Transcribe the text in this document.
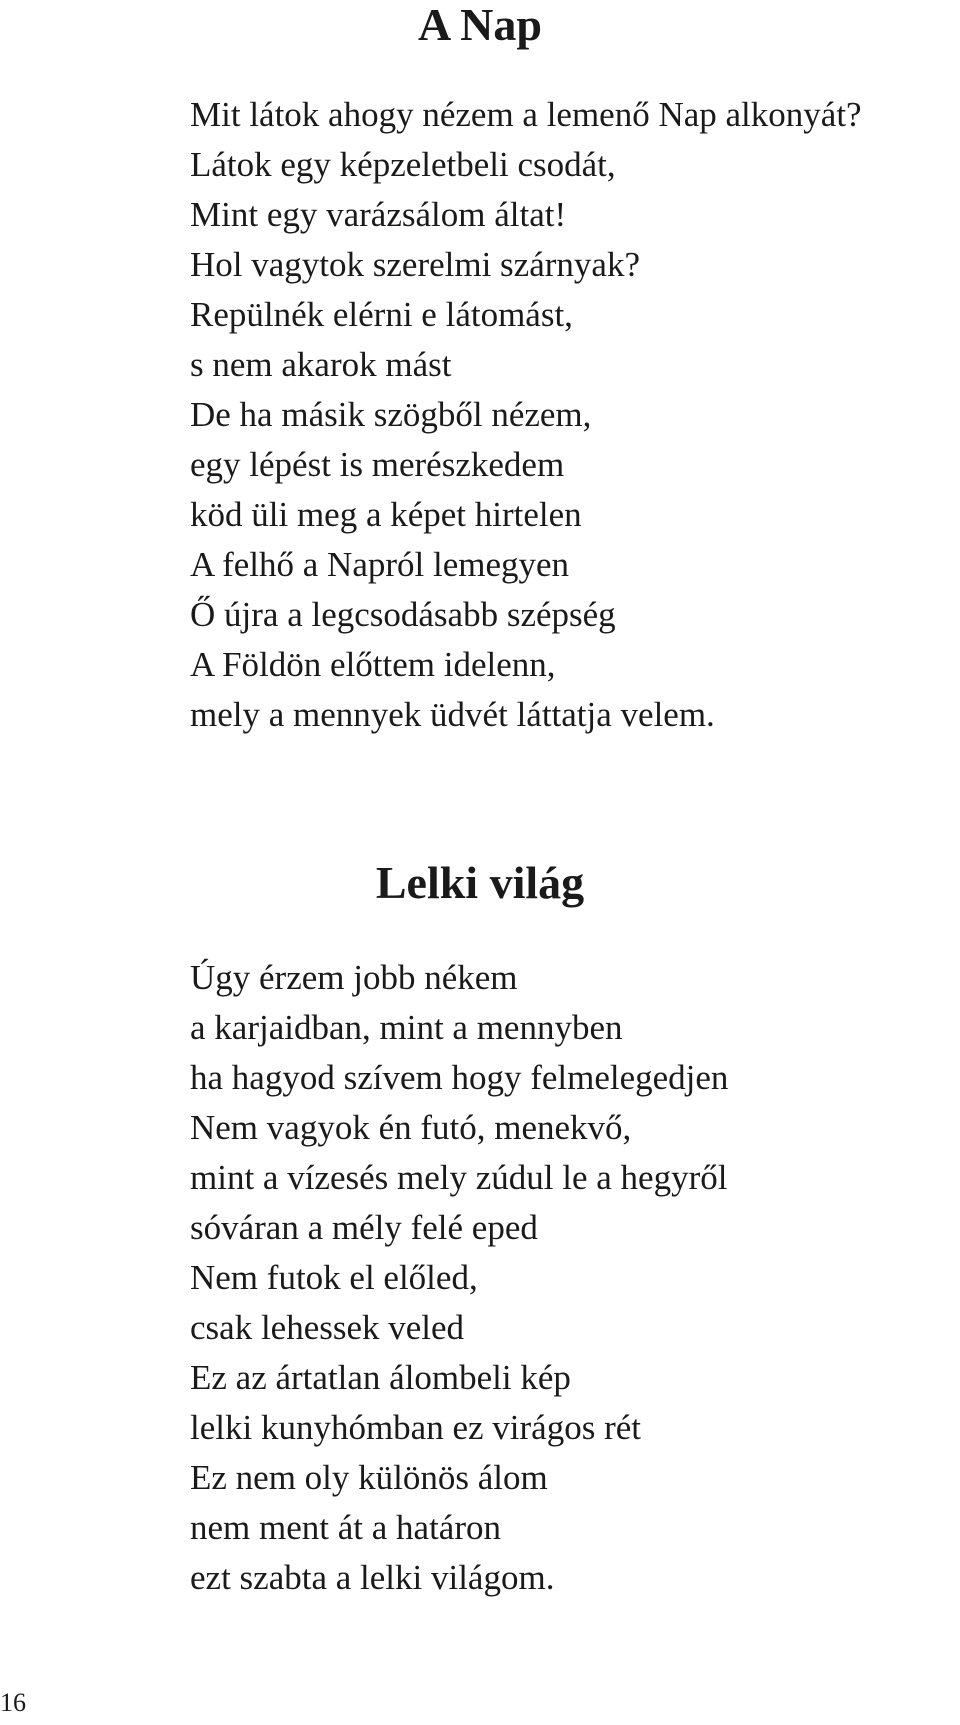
A Nap
Mit látok ahogy nézem a lemenő Nap alkonyát?
Látok egy képzeletbeli csodát,
Mint egy varázsálom áltat!
Hol vagytok szerelmi szárnyak?
Repülnék elérni e látomást,
s nem akarok mást
De ha másik szögből nézem,
egy lépést is merészkedem
köd üli meg a képet hirtelen
A felhő a Napról lemegyen
Ő újra a legcsodásabb szépség
A Földön előttem idelenn,
mely a mennyek üdvét láttatja velem.
Lelki világ
Úgy érzem jobb nékem
a karjaidban, mint a mennyben
ha hagyod szívem hogy felmelegedjen
Nem vagyok én futó, menekvő,
mint a vízesés mely zúdul le a hegyről
sóváran a mély felé eped
Nem futok el előled,
csak lehessek veled
Ez az ártatlan álombeli kép
lelki kunyhómban ez virágos rét
Ez nem oly különös álom
nem ment át a határon
ezt szabta a lelki világom.
16
